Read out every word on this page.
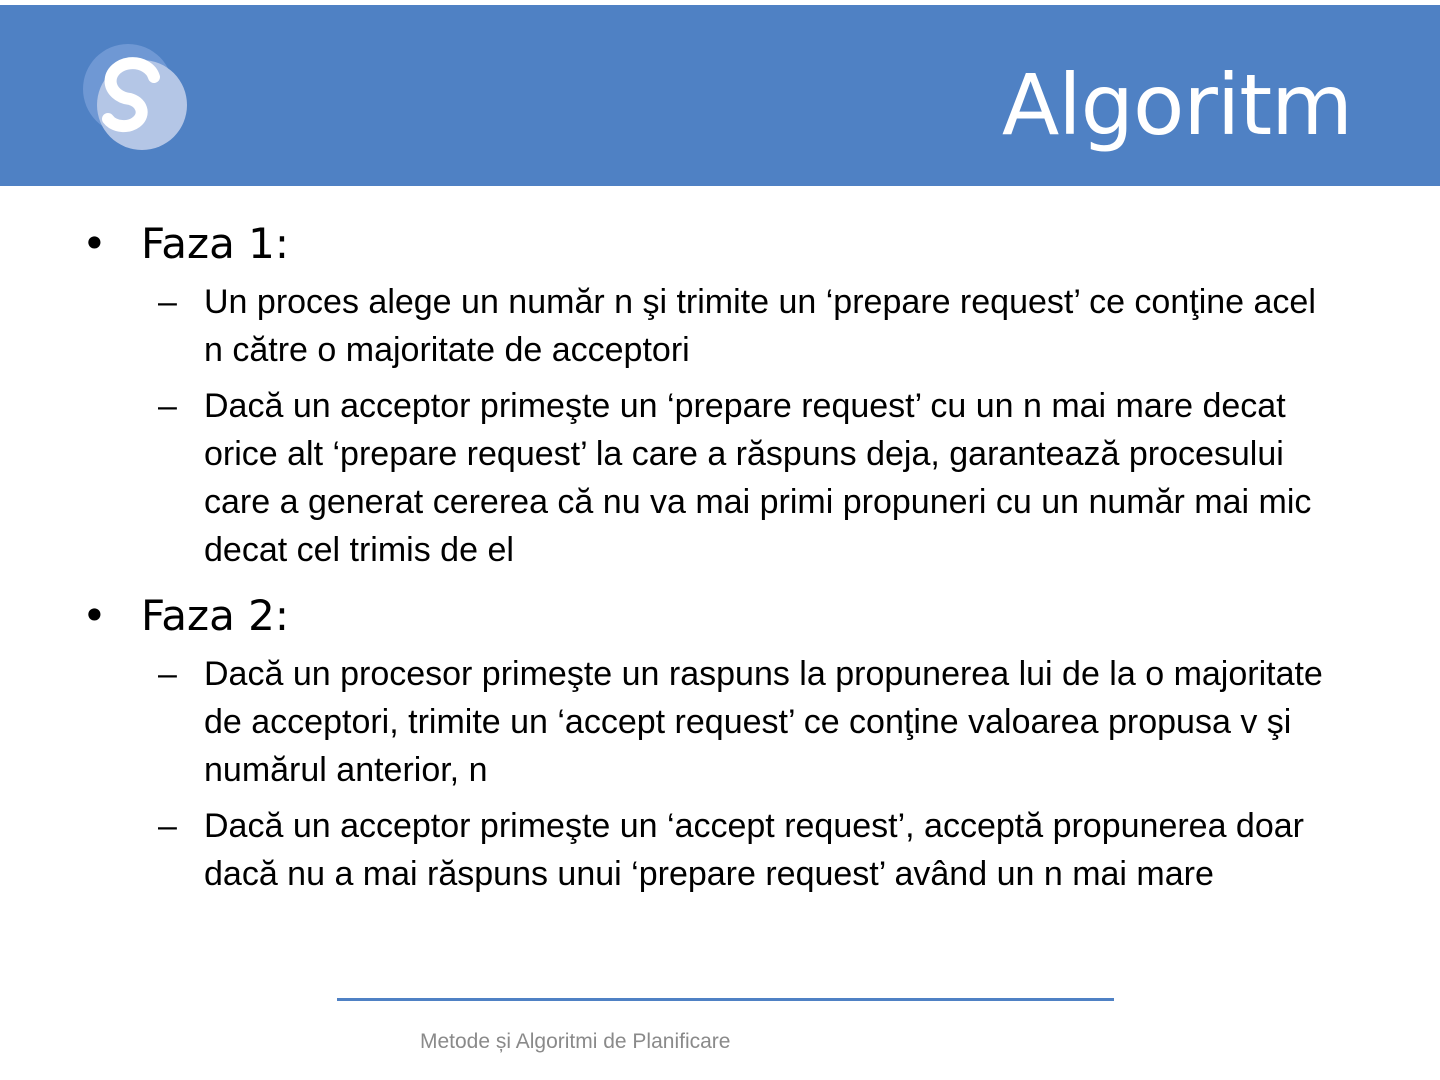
Algoritm
• Faza 1:
– Un proces alege un număr n şi trimite un ‘prepare request’ ce conţine acel n către o majoritate de acceptori
– Dacă un acceptor primeşte un ‘prepare request’ cu un n mai mare decat orice alt ‘prepare request’ la care a răspuns deja, garantează procesului care a generat cererea că nu va mai primi propuneri cu un număr mai mic decat cel trimis de el
• Faza 2:
– Dacă un procesor primeşte un raspuns la propunerea lui de la o majoritate de acceptori, trimite un ‘accept request’ ce conţine valoarea propusa v şi numărul anterior, n
– Dacă un acceptor primeşte un ‘accept request’, acceptă propunerea doar dacă nu a mai răspuns unui ‘prepare request’ având un n mai mare
Metode și Algoritmi de Planificare
